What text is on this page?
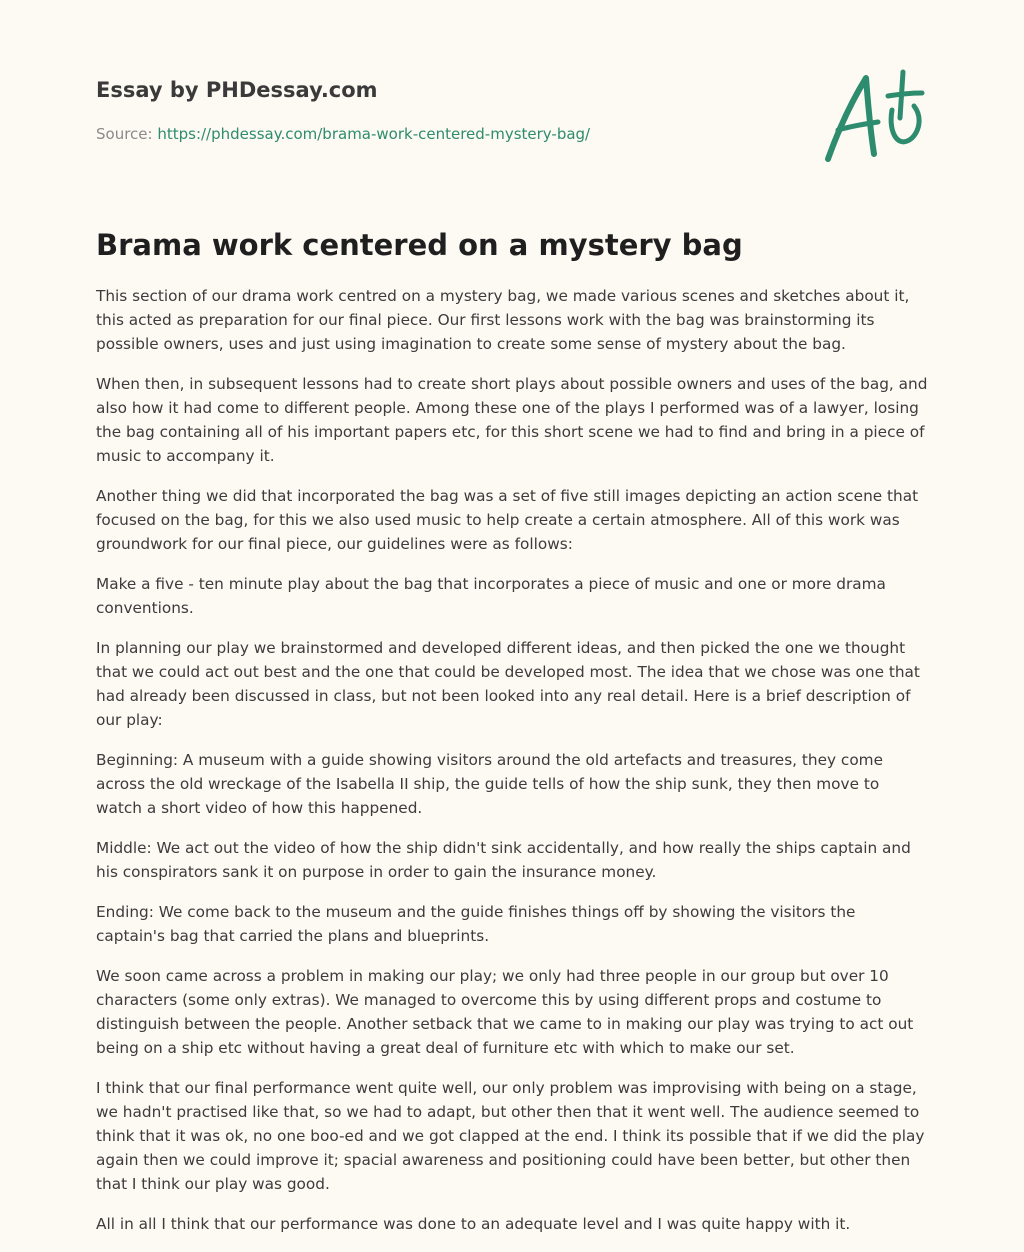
Essay by PHDessay.com
Source: https://phdessay.com/brama-work-centered-mystery-bag/
Brama work centered on a mystery bag

This section of our drama work centred on a mystery bag, we made various scenes and sketches about it, this acted as preparation for our final piece. Our first lessons work with the bag was brainstorming its possible owners, uses and just using imagination to create some sense of mystery about the bag.

When then, in subsequent lessons had to create short plays about possible owners and uses of the bag, and also how it had come to different people. Among these one of the plays I performed was of a lawyer, losing the bag containing all of his important papers etc, for this short scene we had to find and bring in a piece of music to accompany it.

Another thing we did that incorporated the bag was a set of five still images depicting an action scene that focused on the bag, for this we also used music to help create a certain atmosphere. All of this work was groundwork for our final piece, our guidelines were as follows:

Make a five - ten minute play about the bag that incorporates a piece of music and one or more drama conventions.

In planning our play we brainstormed and developed different ideas, and then picked the one we thought that we could act out best and the one that could be developed most. The idea that we chose was one that had already been discussed in class, but not been looked into any real detail. Here is a brief description of our play:

Beginning: A museum with a guide showing visitors around the old artefacts and treasures, they come across the old wreckage of the Isabella II ship, the guide tells of how the ship sunk, they then move to watch a short video of how this happened.

Middle: We act out the video of how the ship didn't sink accidentally, and how really the ships captain and his conspirators sank it on purpose in order to gain the insurance money.

Ending: We come back to the museum and the guide finishes things off by showing the visitors the captain's bag that carried the plans and blueprints.

We soon came across a problem in making our play; we only had three people in our group but over 10 characters (some only extras). We managed to overcome this by using different props and costume to distinguish between the people. Another setback that we came to in making our play was trying to act out being on a ship etc without having a great deal of furniture etc with which to make our set.

I think that our final performance went quite well, our only problem was improvising with being on a stage, we hadn't practised like that, so we had to adapt, but other then that it went well. The audience seemed to think that it was ok, no one boo-ed and we got clapped at the end. I think its possible that if we did the play again then we could improve it; spacial awareness and positioning could have been better, but other then that I think our play was good.

All in all I think that our performance was done to an adequate level and I was quite happy with it.
